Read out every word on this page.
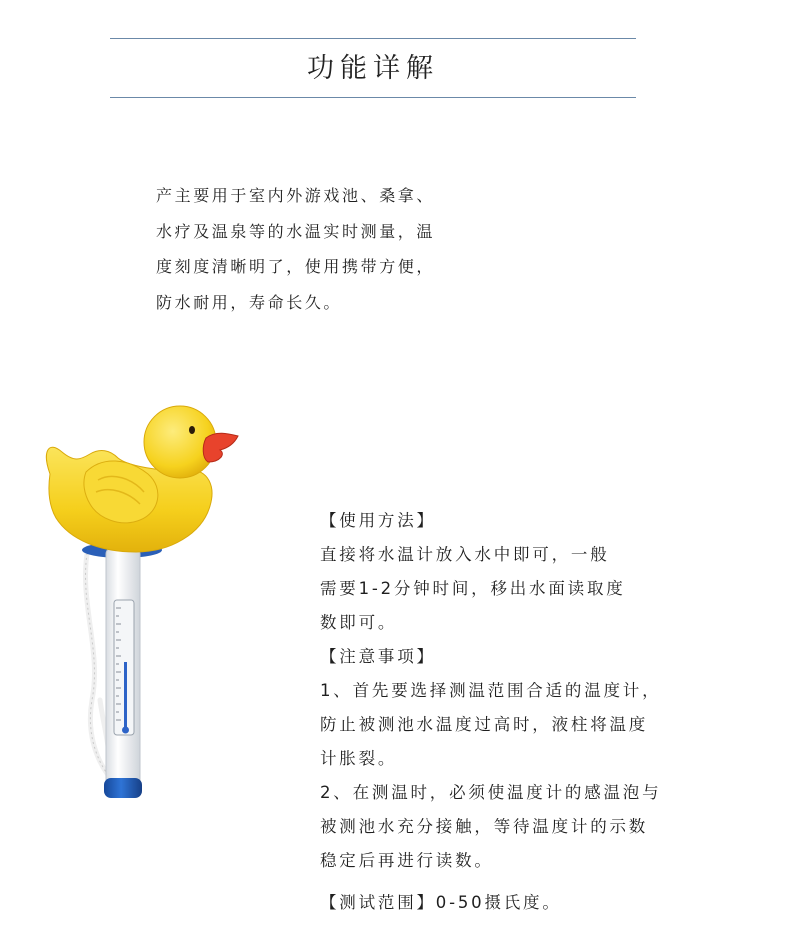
功能详解
产主要用于室内外游戏池、桑拿、
水疗及温泉等的水温实时测量，温
度刻度清晰明了，使用携带方便，
防水耐用，寿命长久。
【使用方法】
直接将水温计放入水中即可，一般
需要1-2分钟时间，移出水面读取度
数即可。
【注意事项】
1、首先要选择测温范围合适的温度计，
防止被测池水温度过高时，液柱将温度
计胀裂。
2、在测温时，必须使温度计的感温泡与
被测池水充分接触，等待温度计的示数
稳定后再进行读数。
【测试范围】0-50摄氏度。
